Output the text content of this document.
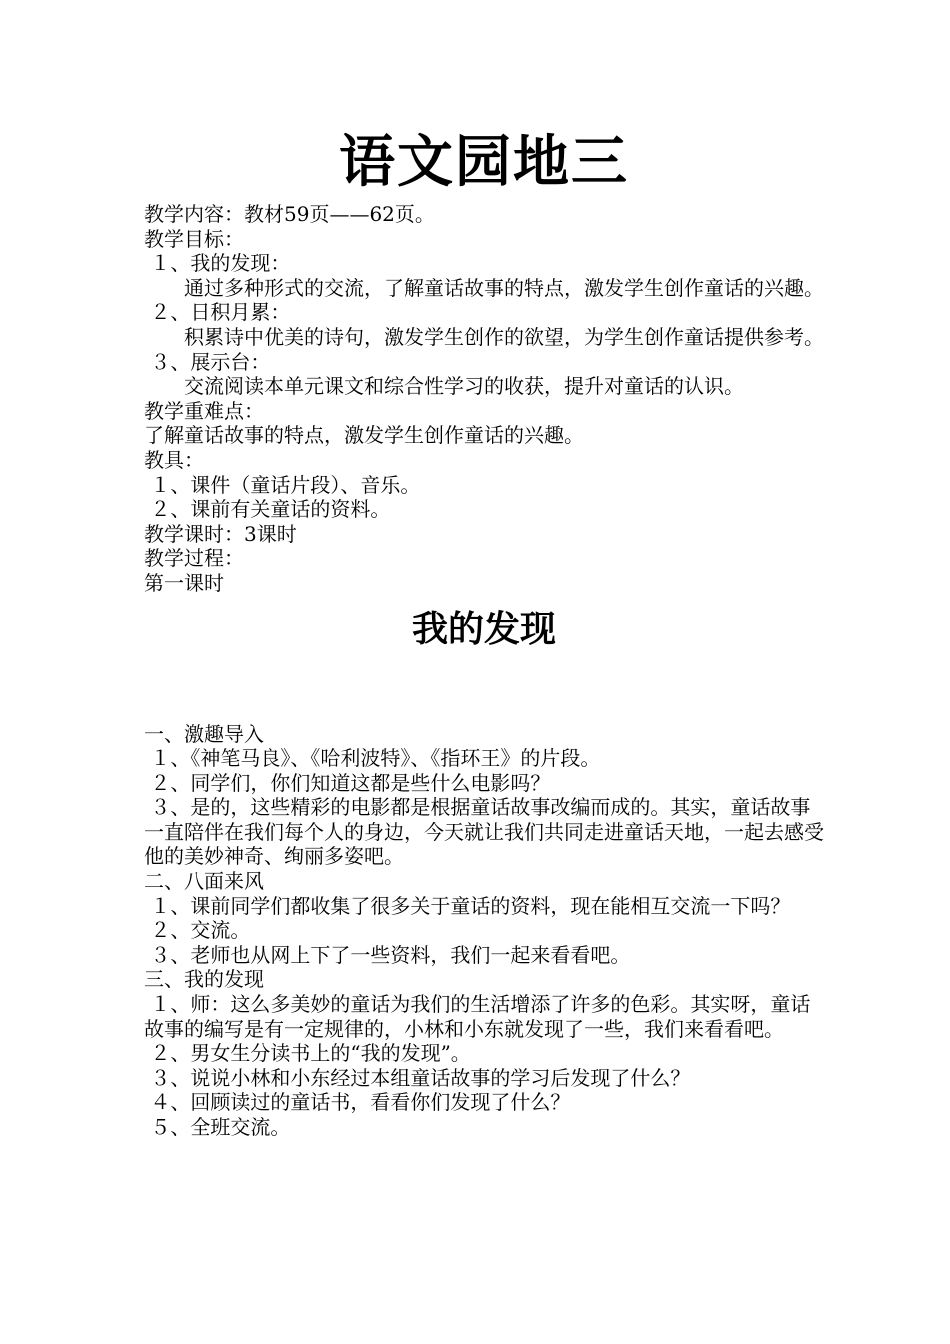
语文园地三

教学内容：教材59页——62页。

教学目标：

１、我的发现：

通过多种形式的交流，了解童话故事的特点，激发学生创作童话的兴趣。

２、日积月累：

积累诗中优美的诗句，激发学生创作的欲望，为学生创作童话提供参考。

３、展示台：

交流阅读本单元课文和综合性学习的收获，提升对童话的认识。

教学重难点：

了解童话故事的特点，激发学生创作童话的兴趣。

教具：

１、课件（童话片段）、音乐。

２、课前有关童话的资料。

教学课时：3课时

教学过程：

第一课时

我的发现

一、激趣导入

１、《神笔马良》、《哈利波特》、《指环王》的片段。

２、同学们，你们知道这都是些什么电影吗？

３、是的，这些精彩的电影都是根据童话故事改编而成的。其实，童话故事一直陪伴在我们每个人的身边，今天就让我们共同走进童话天地，一起去感受他的美妙神奇、绚丽多姿吧。

二、八面来风

１、课前同学们都收集了很多关于童话的资料，现在能相互交流一下吗？

２、交流。

３、老师也从网上下了一些资料，我们一起来看看吧。

三、我的发现

１、师：这么多美妙的童话为我们的生活增添了许多的色彩。其实呀，童话故事的编写是有一定规律的，小林和小东就发现了一些，我们来看看吧。

２、男女生分读书上的“我的发现”。

３、说说小林和小东经过本组童话故事的学习后发现了什么？

４、回顾读过的童话书，看看你们发现了什么？

５、全班交流。
